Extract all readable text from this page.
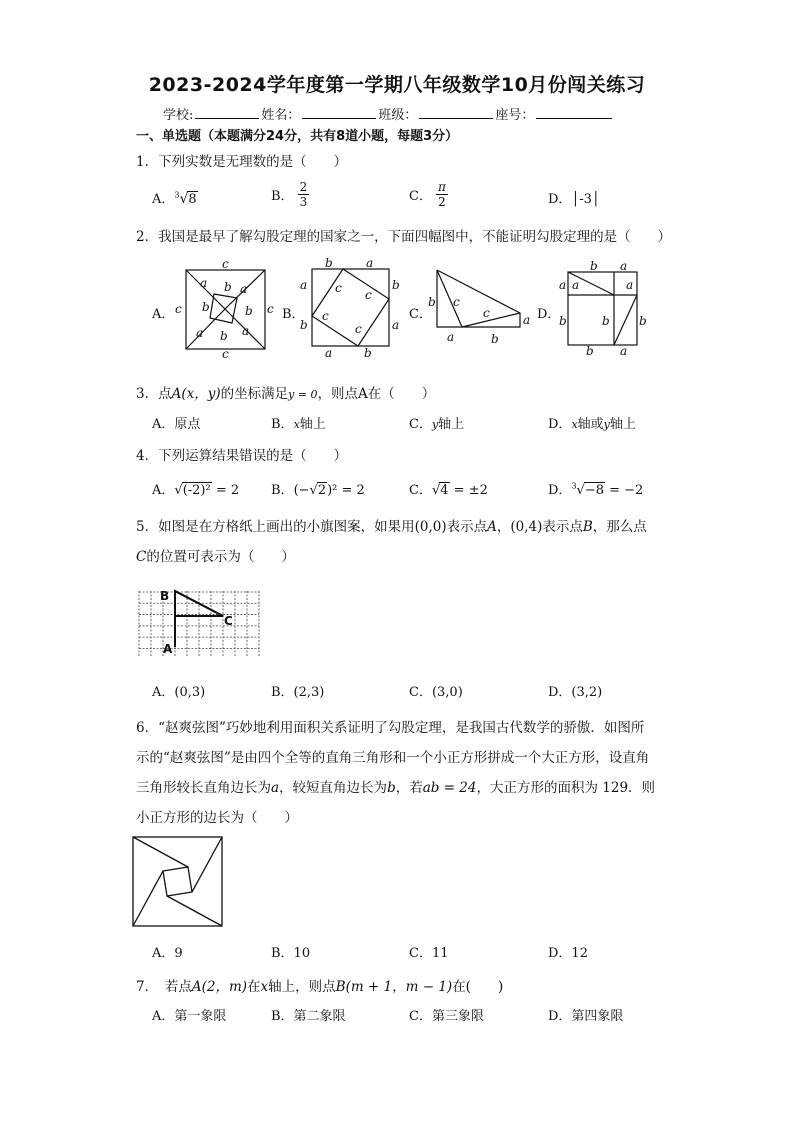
2023-2024学年度第一学期八年级数学10月份闯关练习
学校:	姓名：	班级：	座号：
一、单选题（本题满分24分，共有8道小题，每题3分）
1．下列实数是无理数的是（　　）
A．$^3$√8	B． $\frac{2}{3}$	C． $\frac{\pi}{2}$	D．│-3│
2．我国是最早了解勾股定理的国家之一，下面四幅图中，不能证明勾股定理的是（　　）
A．	B．	C．	D．
c
c
c	c
a b a
b	b
a b a
b	a
a
b
b
a
a	b
c c
c
c
b c
c	a
a	b
b a
a a	a
b	b b
b a
3．点A(x，y)的坐标满足y = 0，则点A在（　　）
A．原点	B．x轴上	C．y轴上	D．x轴或y轴上
4．下列运算结果错误的是（　　）
A．√(-2)² = 2 B．(−√2)² = 2	C．√4 = ±2	D．$^3$√−8 = −2
5．如图是在方格纸上画出的小旗图案，如果用(0,0)表示点A，(0,4)表示点B，那么点
C的位置可表示为（　　）
B
C
A
A．(0,3)	B．(2,3)	C．(3,0)	D．(3,2)
6．“赵爽弦图”巧妙地利用面积关系证明了勾股定理，是我国古代数学的骄傲．如图所
示的“赵爽弦图”是由四个全等的直角三角形和一个小正方形拼成一个大正方形，设直角
三角形较长直角边长为a，较短直角边长为b，若ab = 24，大正方形的面积为 129．则
小正方形的边长为（　　）
A．9	B．10	C．11	D．12
7．　若点A(2，m)在x轴上，则点B(m + 1，m − 1)在(　　)
A．第一象限	B．第二象限	C．第三象限	D．第四象限
